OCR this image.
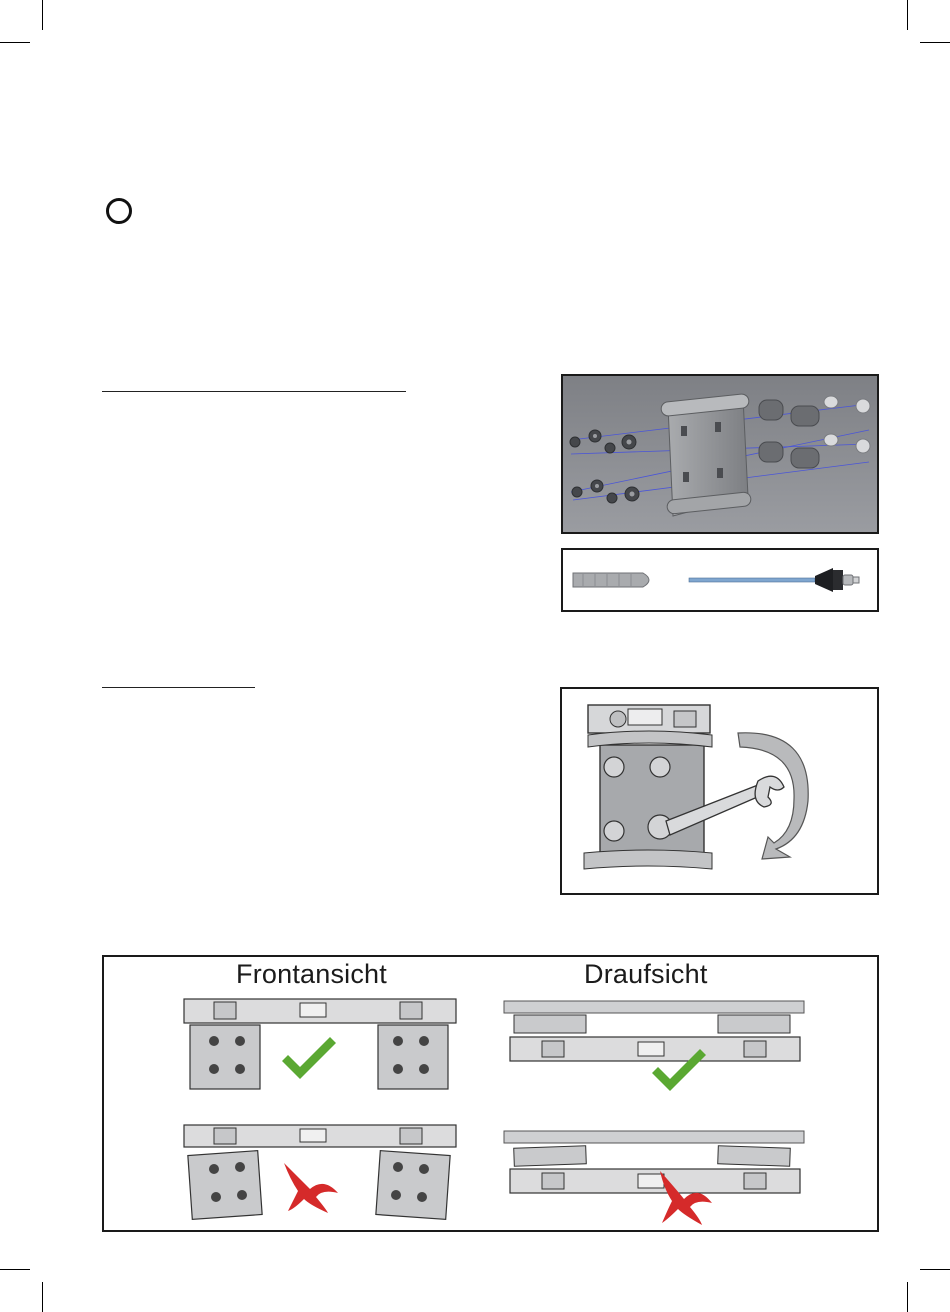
Frontansicht	Draufsicht
